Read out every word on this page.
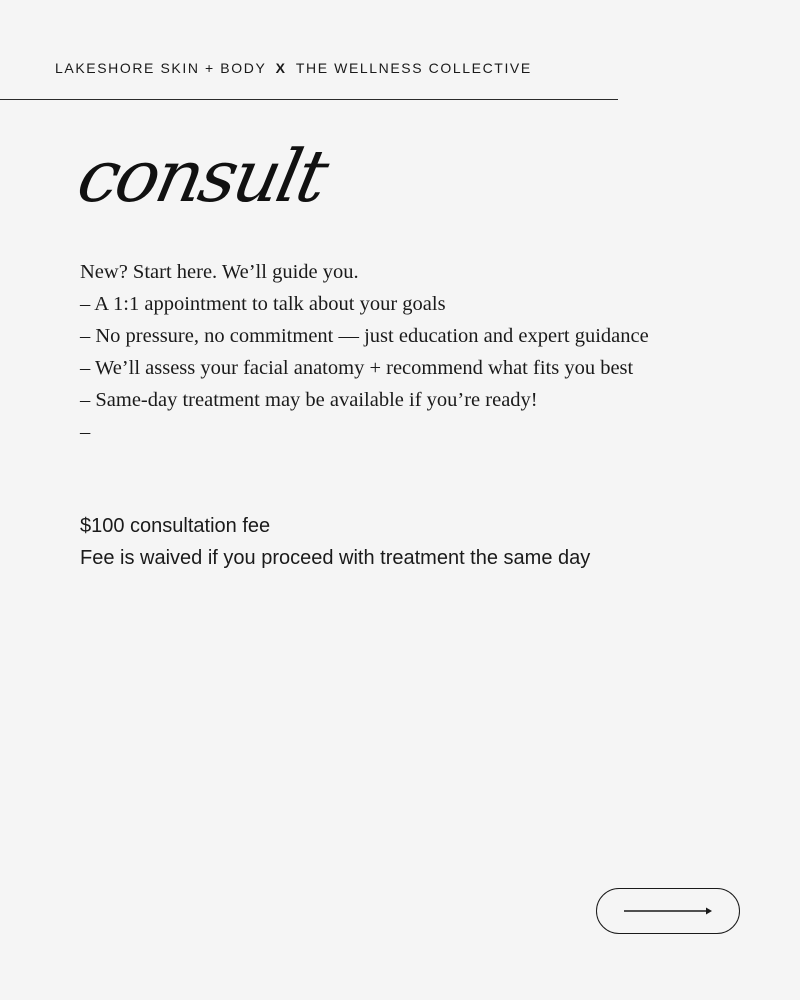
LAKESHORE SKIN + BODY X THE WELLNESS COLLECTIVE
consult
New? Start here. We’ll guide you.
– A 1:1 appointment to talk about your goals
– No pressure, no commitment — just education and expert guidance
– We’ll assess your facial anatomy + recommend what fits you best
– Same-day treatment may be available if you’re ready!
–
$100 consultation fee
Fee is waived if you proceed with treatment the same day
